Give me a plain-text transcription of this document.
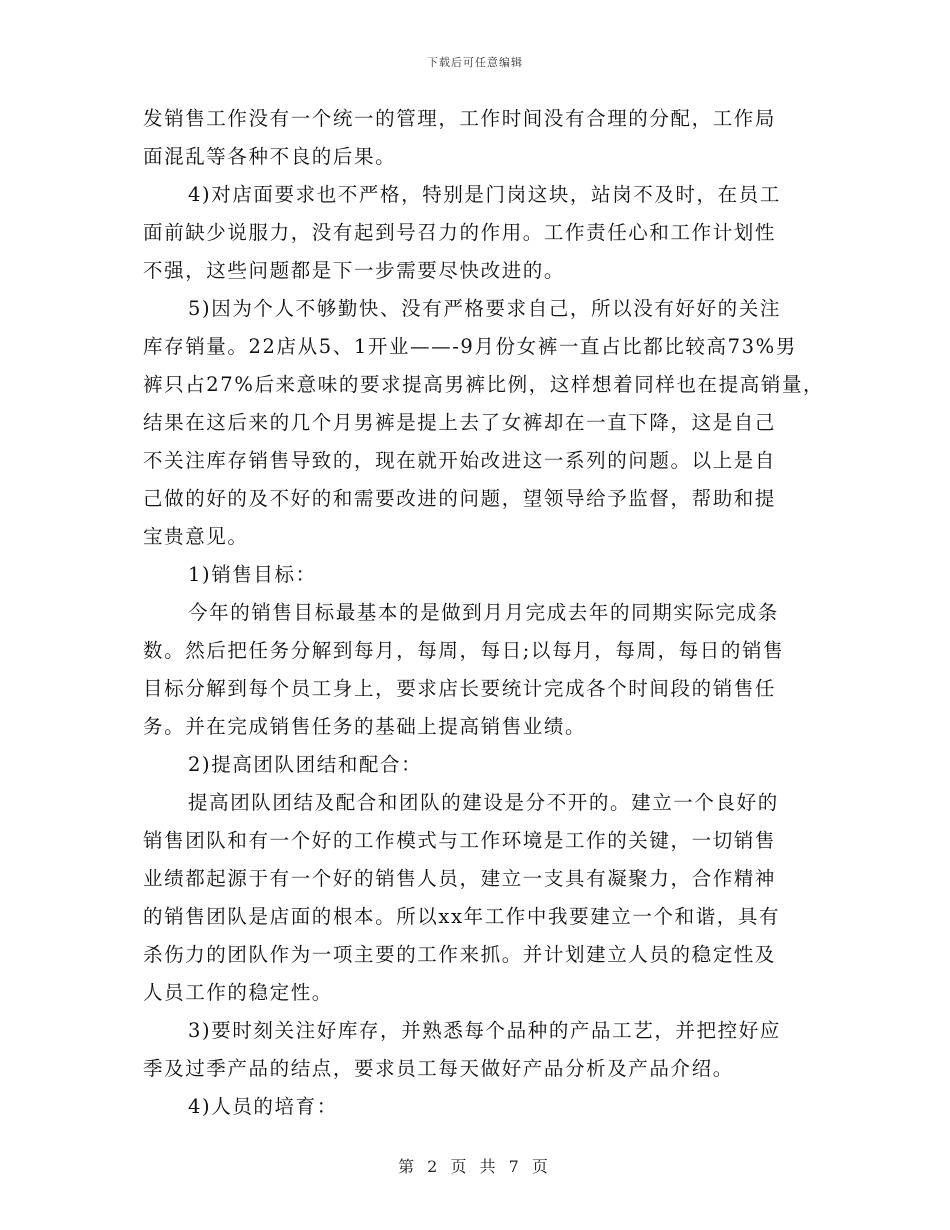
下载后可任意编辑
发销售工作没有一个统一的管理，工作时间没有合理的分配，工作局
面混乱等各种不良的后果。
4)对店面要求也不严格，特别是门岗这块，站岗不及时，在员工
面前缺少说服力，没有起到号召力的作用。工作责任心和工作计划性
不强，这些问题都是下一步需要尽快改进的。
5)因为个人不够勤快、没有严格要求自己，所以没有好好的关注
库存销量。22店从5、1开业——-9月份女裤一直占比都比较高73%男
裤只占27%后来意味的要求提高男裤比例，这样想着同样也在提高销量，
结果在这后来的几个月男裤是提上去了女裤却在一直下降，这是自己
不关注库存销售导致的，现在就开始改进这一系列的问题。以上是自
己做的好的及不好的和需要改进的问题，望领导给予监督，帮助和提
宝贵意见。
1)销售目标：
今年的销售目标最基本的是做到月月完成去年的同期实际完成条
数。然后把任务分解到每月，每周，每日;以每月，每周，每日的销售
目标分解到每个员工身上，要求店长要统计完成各个时间段的销售任
务。并在完成销售任务的基础上提高销售业绩。
2)提高团队团结和配合：
提高团队团结及配合和团队的建设是分不开的。建立一个良好的
销售团队和有一个好的工作模式与工作环境是工作的关键，一切销售
业绩都起源于有一个好的销售人员，建立一支具有凝聚力，合作精神
的销售团队是店面的根本。所以xx年工作中我要建立一个和谐，具有
杀伤力的团队作为一项主要的工作来抓。并计划建立人员的稳定性及
人员工作的稳定性。
3)要时刻关注好库存，并熟悉每个品种的产品工艺，并把控好应
季及过季产品的结点，要求员工每天做好产品分析及产品介绍。
4)人员的培育：
第 2 页 共 7 页
